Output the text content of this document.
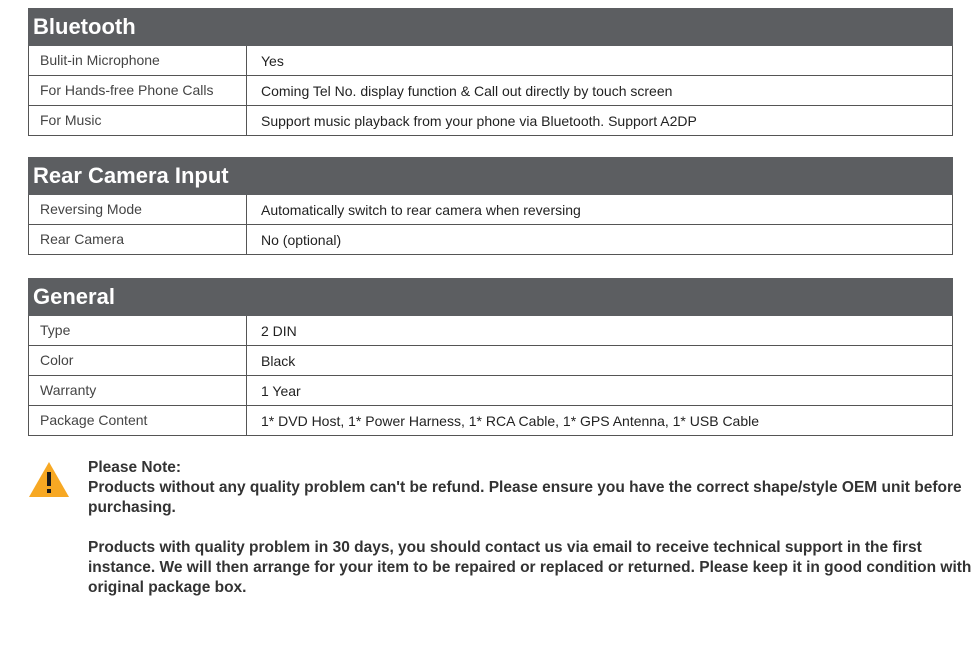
Bluetooth
Bulit-in Microphone	Yes
For Hands-free Phone Calls	Coming Tel No. display function & Call out directly by touch screen
For Music	Support music playback from your phone via Bluetooth. Support A2DP
Rear Camera Input
Reversing Mode	Automatically switch to rear camera when reversing
Rear Camera	No (optional)
General
Type	2 DIN
Color	Black
Warranty	1 Year
Package Content	1* DVD Host, 1* Power Harness, 1* RCA Cable, 1* GPS Antenna, 1* USB Cable

Please Note:

Products without any quality problem can't be refund. Please ensure you have the correct shape/style OEM unit before purchasing.

Products with quality problem in 30 days, you should contact us via email to receive technical support in the first instance. We will then arrange for your item to be repaired or replaced or returned. Please keep it in good condition with original package box.
